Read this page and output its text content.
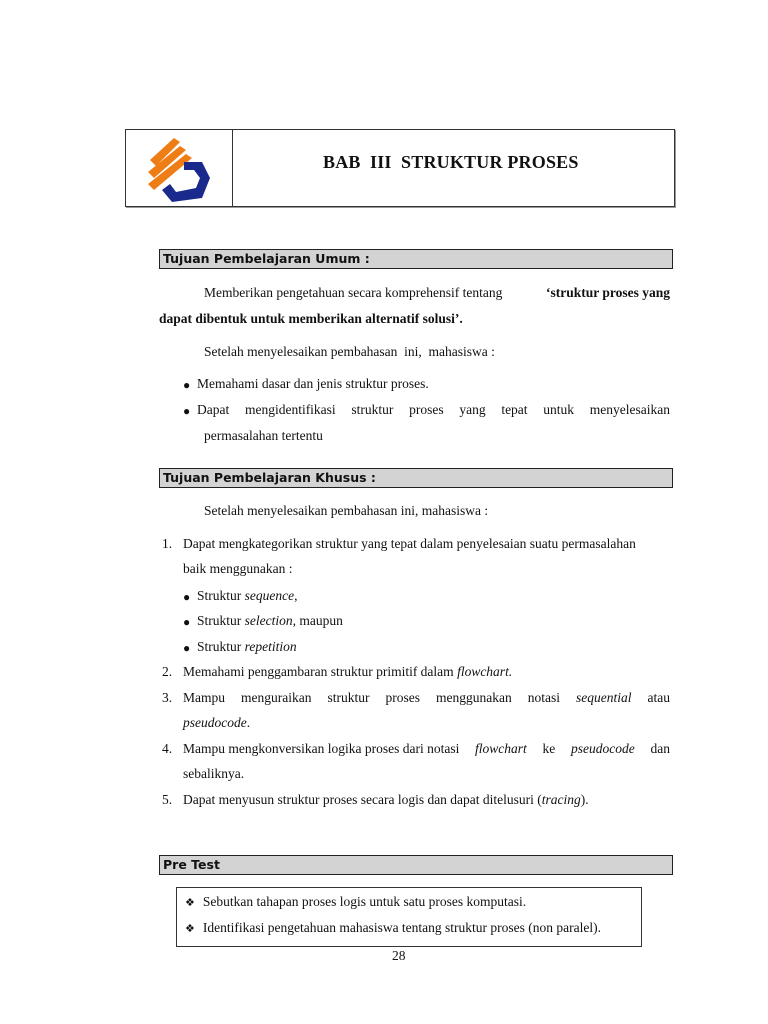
BAB  III  STRUKTUR PROSES
Tujuan Pembelajaran Umum :
Memberikan pengetahuan secara komprehensif tentang	‘struktur proses yang
dapat dibentuk untuk memberikan alternatif solusi’.
Setelah menyelesaikan pembahasan  ini,  mahasiswa :
● Memahami dasar dan jenis struktur proses.
● Dapat mengidentifikasi struktur proses yang tepat untuk menyelesaikan
permasalahan tertentu
Tujuan Pembelajaran Khusus :
Setelah menyelesaikan pembahasan ini, mahasiswa :
1. Dapat mengkategorikan struktur yang tepat dalam penyelesaian suatu permasalahan
baik menggunakan :
● Struktur sequence,
● Struktur selection, maupun
● Struktur repetition
2. Memahami penggambaran struktur primitif dalam flowchart.
3. Mampu menguraikan struktur proses menggunakan notasi sequential atau
pseudocode.
4. Mampu mengkonversikan logika proses dari notasi flowchart ke pseudocode dan
sebaliknya.
5. Dapat menyusun struktur proses secara logis dan dapat ditelusuri (tracing).
Pre Test
❖ Sebutkan tahapan proses logis untuk satu proses komputasi.
❖ Identifikasi pengetahuan mahasiswa tentang struktur proses (non paralel).
28
